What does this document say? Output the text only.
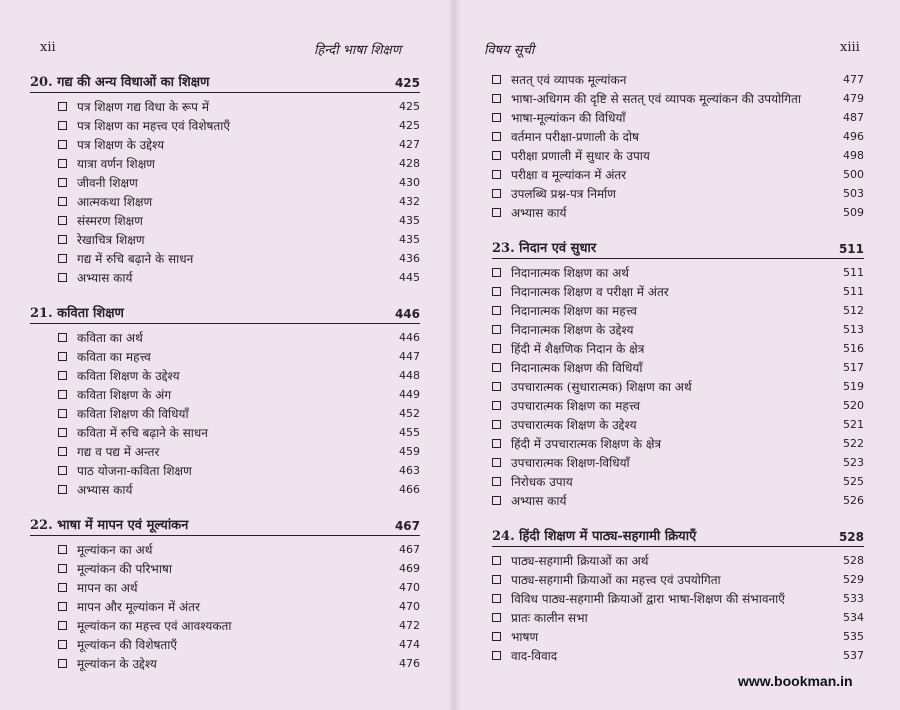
xii	हिन्दी भाषा शिक्षण
20. गद्य की अन्य विधाओं का शिक्षण	425
पत्र शिक्षण गद्य विधा के रूप में	425
पत्र शिक्षण का महत्त्व एवं विशेषताएँ	425
पत्र शिक्षण के उद्देश्य	427
यात्रा वर्णन शिक्षण	428
जीवनी शिक्षण	430
आत्मकथा शिक्षण	432
संस्मरण शिक्षण	435
रेखाचित्र शिक्षण	435
गद्य में रुचि बढ़ाने के साधन	436
अभ्यास कार्य	445
21. कविता शिक्षण	446
कविता का अर्थ	446
कविता का महत्त्व	447
कविता शिक्षण के उद्देश्य	448
कविता शिक्षण के अंग	449
कविता शिक्षण की विधियाँ	452
कविता में रुचि बढ़ाने के साधन	455
गद्य व पद्य में अन्तर	459
पाठ योजना-कविता शिक्षण	463
अभ्यास कार्य	466
22. भाषा में मापन एवं मूल्यांकन	467
मूल्यांकन का अर्थ	467
मूल्यांकन की परिभाषा	469
मापन का अर्थ	470
मापन और मूल्यांकन में अंतर	470
मूल्यांकन का महत्त्व एवं आवश्यकता	472
मूल्यांकन की विशेषताएँ	474
मूल्यांकन के उद्देश्य	476
विषय सूची	xiii
सतत् एवं व्यापक मूल्यांकन	477
भाषा-अधिगम की दृष्टि से सतत् एवं व्यापक मूल्यांकन की उपयोगिता	479
भाषा-मूल्यांकन की विधियाँ	487
वर्तमान परीक्षा-प्रणाली के दोष	496
परीक्षा प्रणाली में सुधार के उपाय	498
परीक्षा व मूल्यांकन में अंतर	500
उपलब्धि प्रश्न-पत्र निर्माण	503
अभ्यास कार्य	509
23. निदान एवं सुधार	511
निदानात्मक शिक्षण का अर्थ	511
निदानात्मक शिक्षण व परीक्षा में अंतर	511
निदानात्मक शिक्षण का महत्त्व	512
निदानात्मक शिक्षण के उद्देश्य	513
हिंदी में शैक्षणिक निदान के क्षेत्र	516
निदानात्मक शिक्षण की विधियाँ	517
उपचारात्मक (सुधारात्मक) शिक्षण का अर्थ	519
उपचारात्मक शिक्षण का महत्त्व	520
उपचारात्मक शिक्षण के उद्देश्य	521
हिंदी में उपचारात्मक शिक्षण के क्षेत्र	522
उपचारात्मक शिक्षण-विधियाँ	523
निरोधक उपाय	525
अभ्यास कार्य	526
24. हिंदी शिक्षण में पाठ्य-सहगामी क्रियाएँ	528
पाठ्य-सहगामी क्रियाओं का अर्थ	528
पाठ्य-सहगामी क्रियाओं का महत्त्व एवं उपयोगिता	529
विविध पाठ्य-सहगामी क्रियाओं द्वारा भाषा-शिक्षण की संभावनाएँ	533
प्रातः कालीन सभा	534
भाषण	535
वाद-विवाद	537
www.bookman.in
